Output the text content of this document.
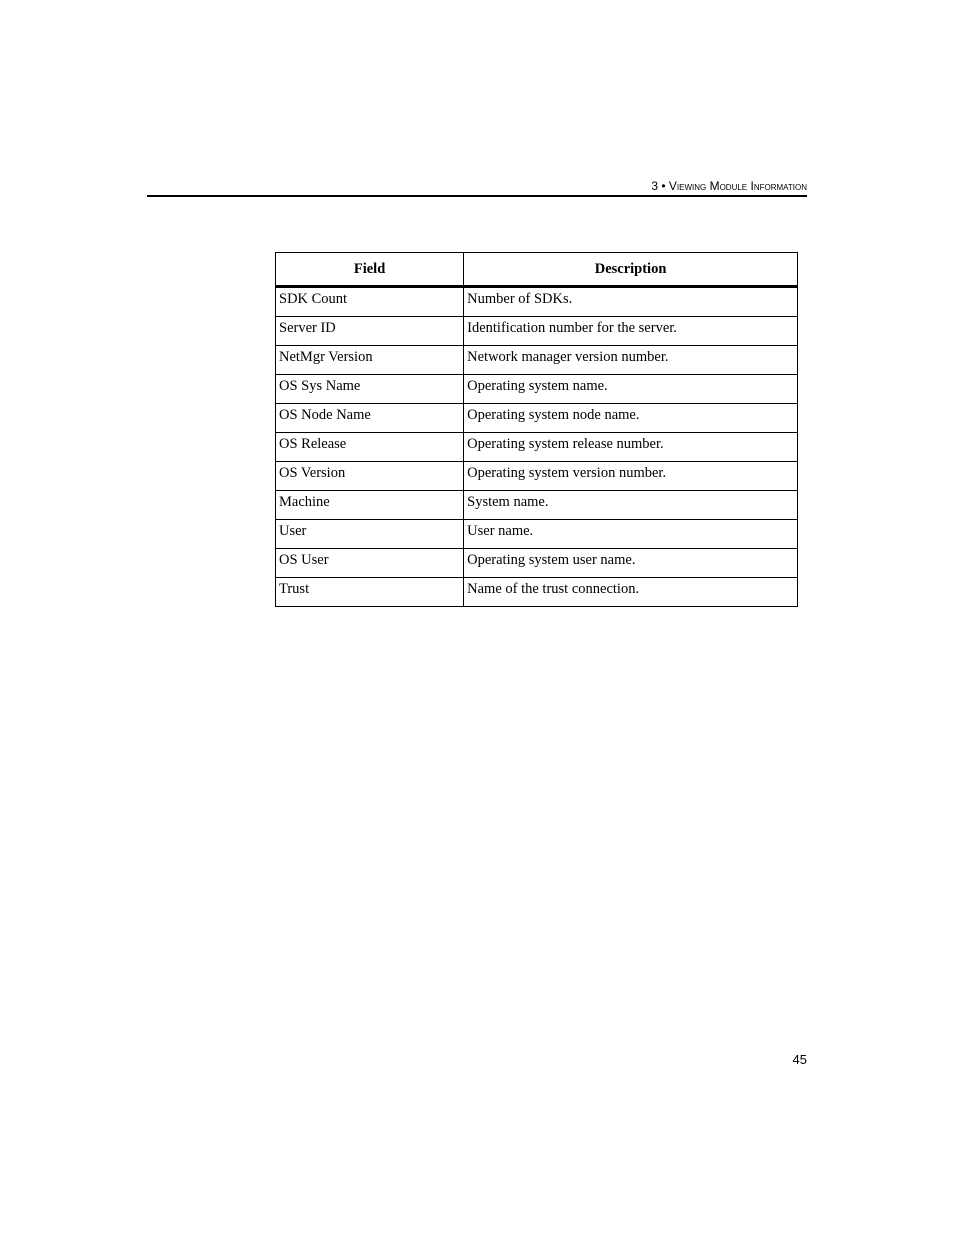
3 • Viewing Module Information
Field	Description
SDK Count	Number of SDKs.
Server ID	Identification number for the server.
NetMgr Version	Network manager version number.
OS Sys Name	Operating system name.
OS Node Name	Operating system node name.
OS Release	Operating system release number.
OS Version	Operating system version number.
Machine	System name.
User	User name.
OS User	Operating system user name.
Trust	Name of the trust connection.
45
